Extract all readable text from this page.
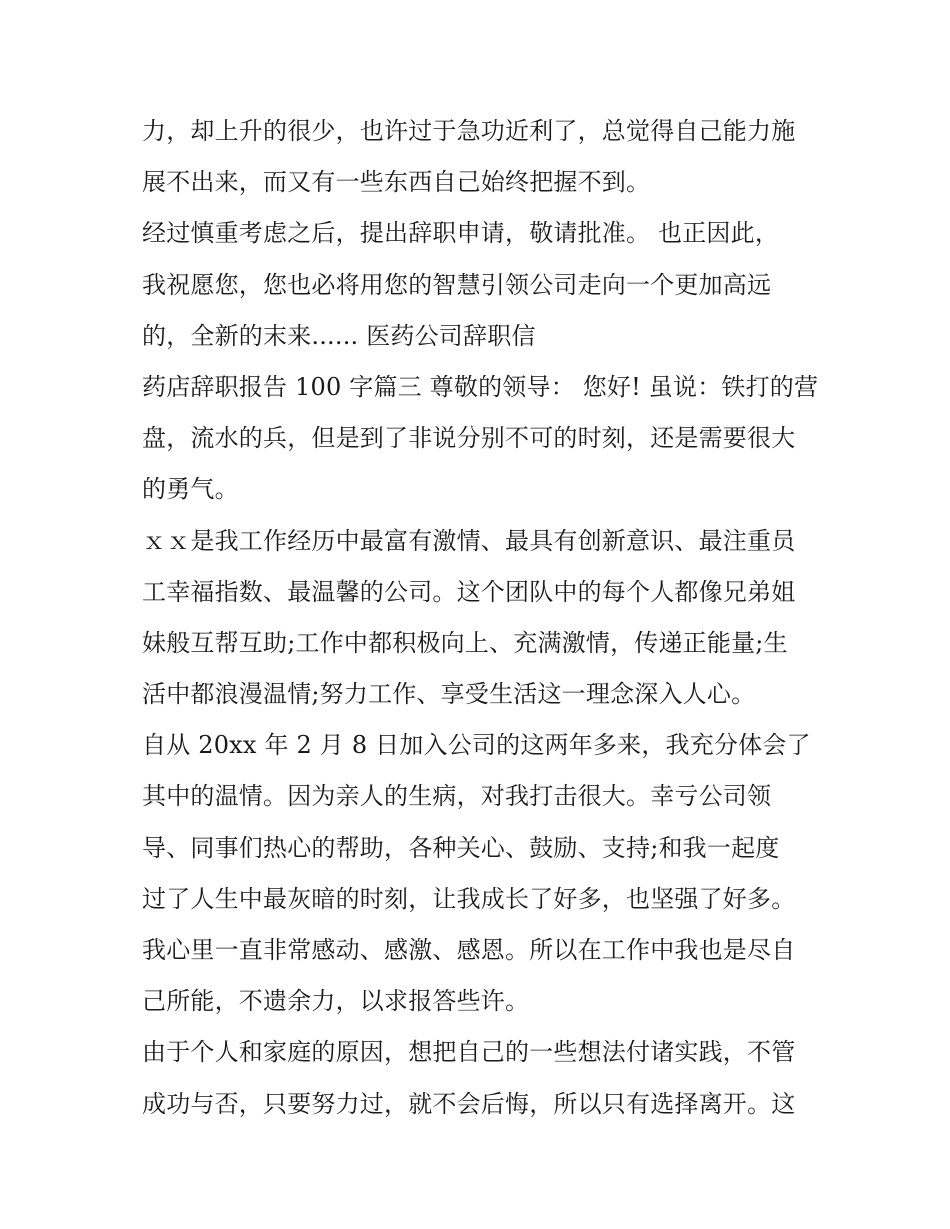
力，却上升的很少，也许过于急功近利了，总觉得自己能力施
展不出来，而又有一些东西自己始终把握不到。
经过慎重考虑之后，提出辞职申请，敬请批准。 也正因此，
我祝愿您，您也必将用您的智慧引领公司走向一个更加高远
的，全新的末来...... 医药公司辞职信
药店辞职报告 100 字篇三 尊敬的领导： 您好! 虽说：铁打的营
盘，流水的兵，但是到了非说分别不可的时刻，还是需要很大
的勇气。
ｘｘ是我工作经历中最富有激情、最具有创新意识、最注重员
工幸福指数、最温馨的公司。这个团队中的每个人都像兄弟姐
妹般互帮互助;工作中都积极向上、充满激情，传递正能量;生
活中都浪漫温情;努力工作、享受生活这一理念深入人心。
自从 20xx 年 2 月 8 日加入公司的这两年多来，我充分体会了
其中的温情。因为亲人的生病，对我打击很大。幸亏公司领
导、同事们热心的帮助，各种关心、鼓励、支持;和我一起度
过了人生中最灰暗的时刻，让我成长了好多，也坚强了好多。
我心里一直非常感动、感激、感恩。所以在工作中我也是尽自
己所能，不遗余力，以求报答些许。
由于个人和家庭的原因，想把自己的一些想法付诸实践，不管
成功与否，只要努力过，就不会后悔，所以只有选择离开。这
